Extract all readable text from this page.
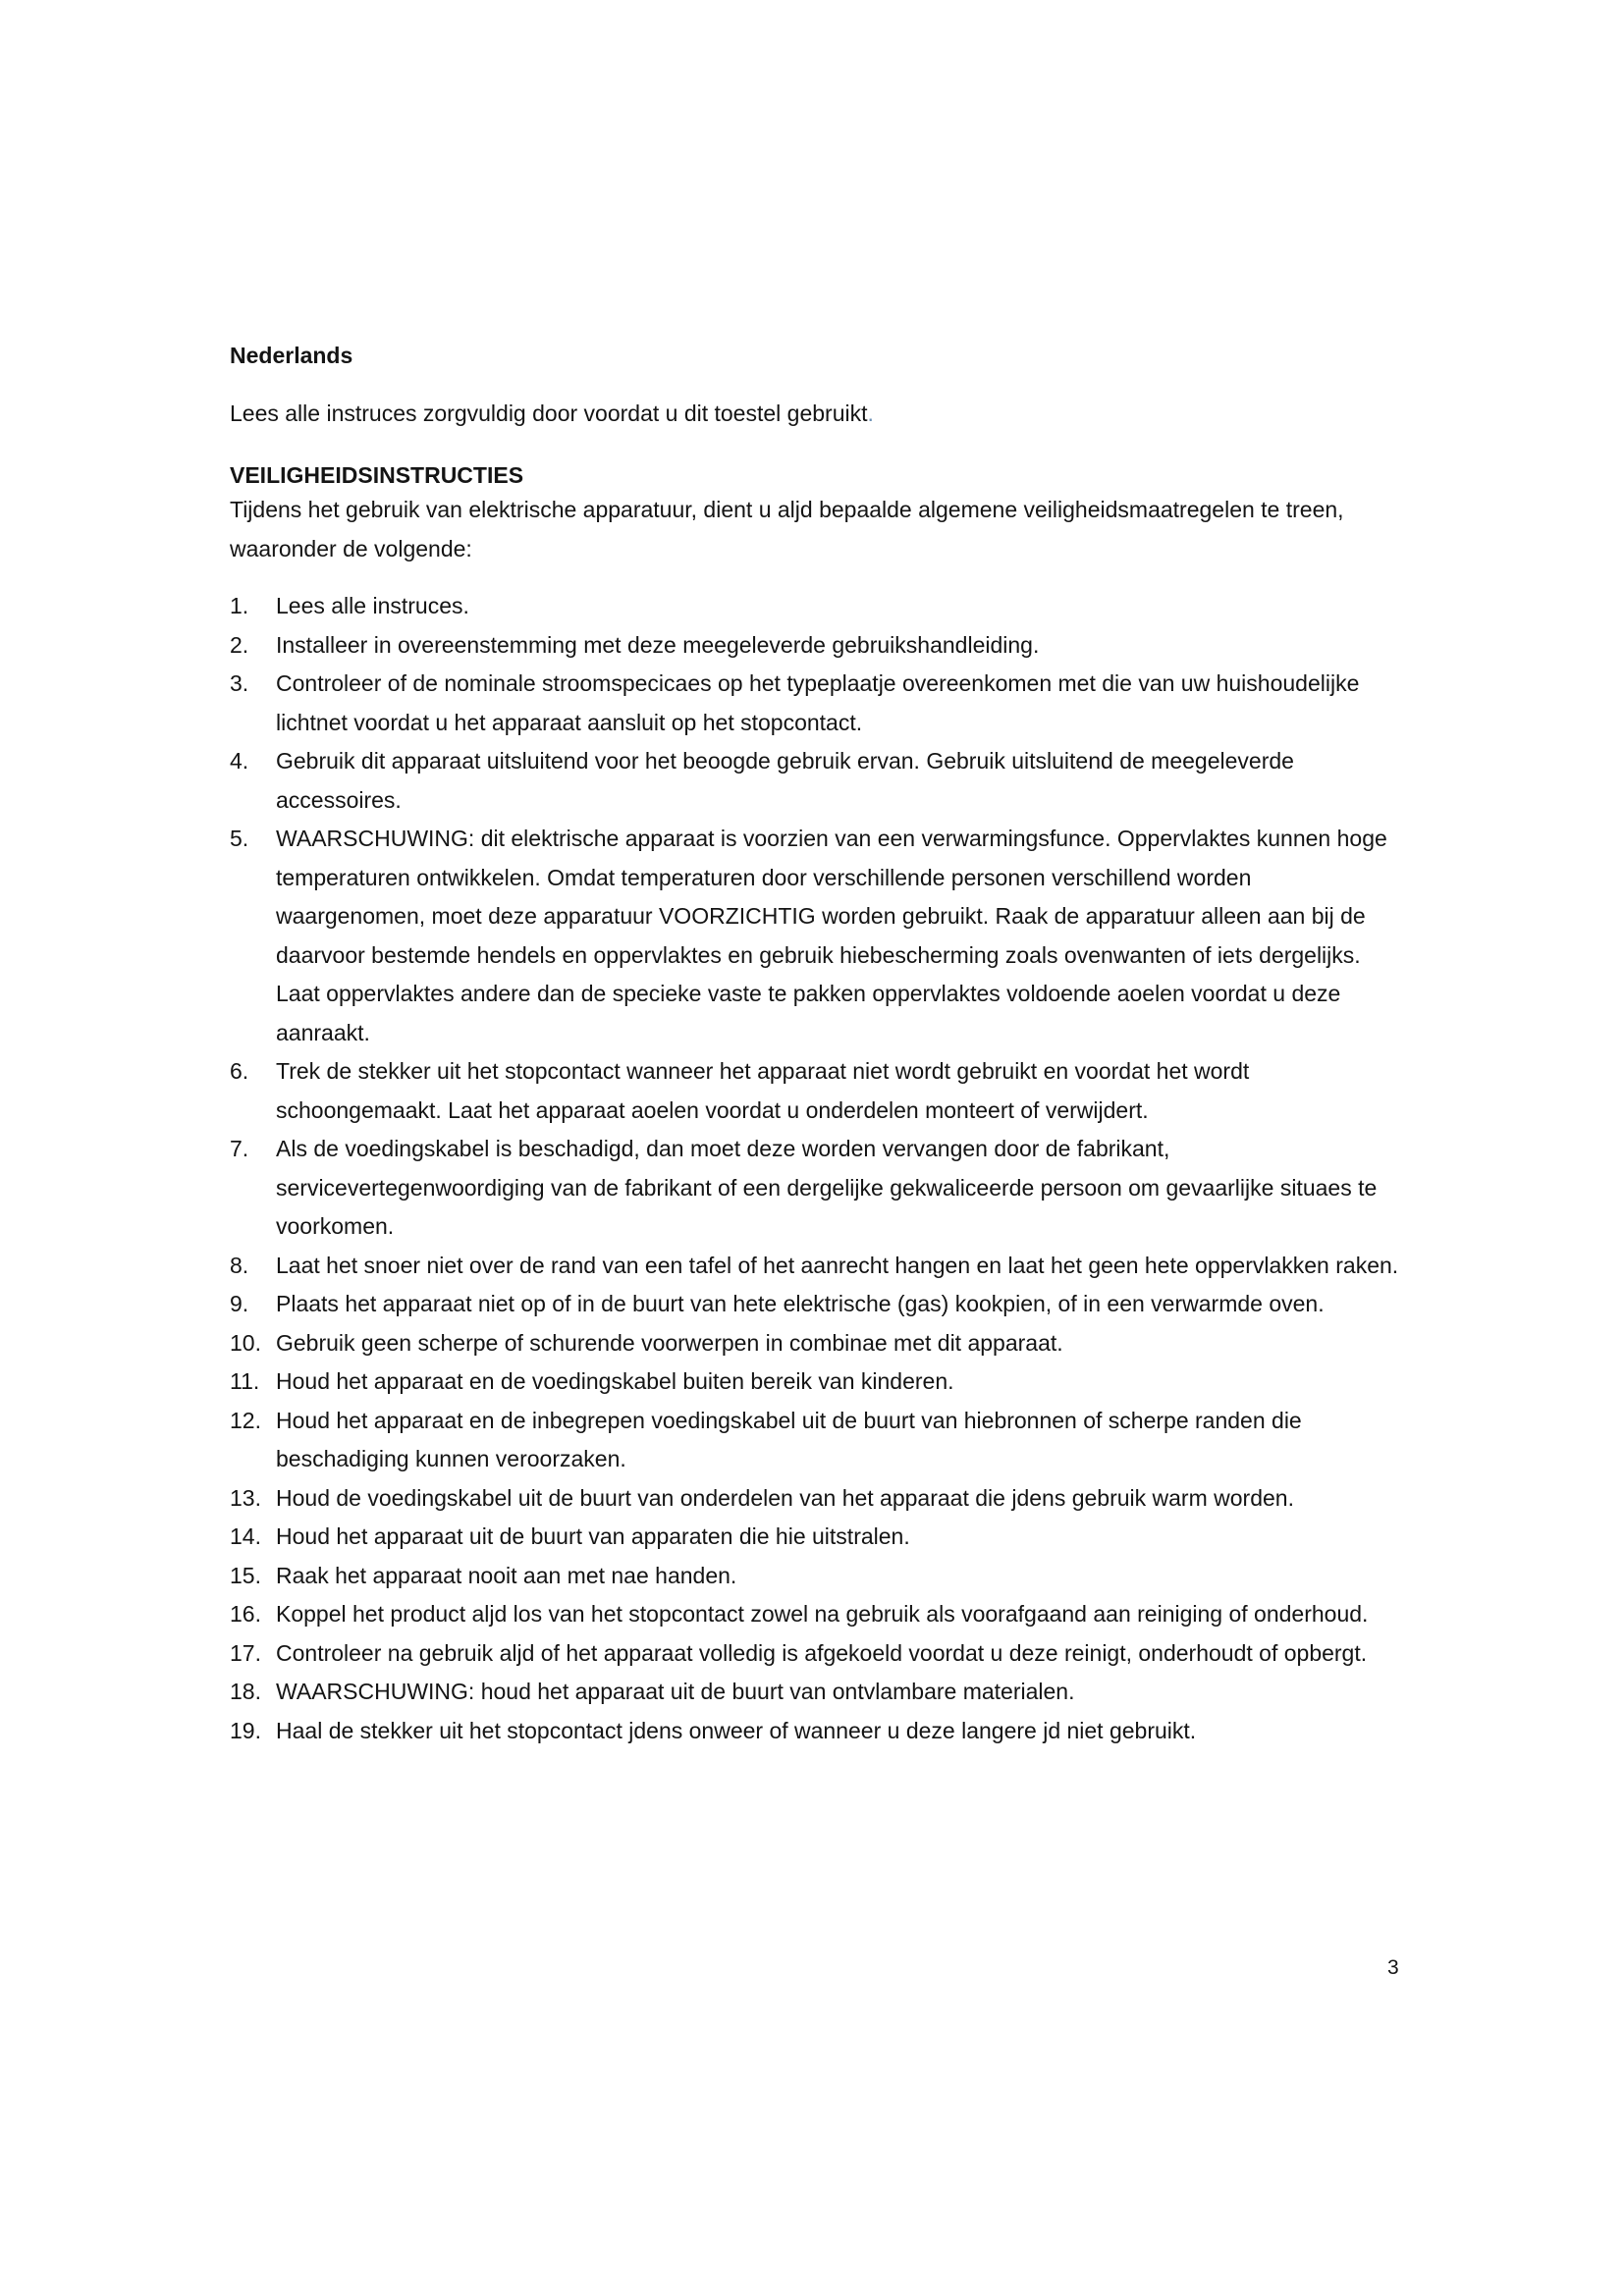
Nederlands

Lees alle instruces zorgvuldig door voordat u dit toestel gebruikt.

VEILIGHEIDSINSTRUCTIES

Tijdens het gebruik van elektrische apparatuur, dient u aljd bepaalde algemene veiligheidsmaatregelen te treen, waaronder de volgende:

1. Lees alle instruces.
2. Installeer in overeenstemming met deze meegeleverde gebruikshandleiding.
3. Controleer of de nominale stroomspecicaes op het typeplaatje overeenkomen met die van uw huishoudelijke lichtnet voordat u het apparaat aansluit op het stopcontact.
4. Gebruik dit apparaat uitsluitend voor het beoogde gebruik ervan. Gebruik uitsluitend de meegeleverde accessoires.
5. WAARSCHUWING: dit elektrische apparaat is voorzien van een verwarmingsfunce. Oppervlaktes kunnen hoge temperaturen ontwikkelen. Omdat temperaturen door verschillende personen verschillend worden waargenomen, moet deze apparatuur VOORZICHTIG worden gebruikt. Raak de apparatuur alleen aan bij de daarvoor bestemde hendels en oppervlaktes en gebruik hiebescherming zoals ovenwanten of iets dergelijks. Laat oppervlaktes andere dan de specieke vaste te pakken oppervlaktes voldoende aoelen voordat u deze aanraakt.
6. Trek de stekker uit het stopcontact wanneer het apparaat niet wordt gebruikt en voordat het wordt schoongemaakt. Laat het apparaat aoelen voordat u onderdelen monteert of verwijdert.
7. Als de voedingskabel is beschadigd, dan moet deze worden vervangen door de fabrikant, servicevertegenwoordiging van de fabrikant of een dergelijke gekwaliceerde persoon om gevaarlijke situaes te voorkomen.
8. Laat het snoer niet over de rand van een tafel of het aanrecht hangen en laat het geen hete oppervlakken raken.
9. Plaats het apparaat niet op of in de buurt van hete elektrische (gas) kookpien, of in een verwarmde oven.
10. Gebruik geen scherpe of schurende voorwerpen in combinae met dit apparaat.
11. Houd het apparaat en de voedingskabel buiten bereik van kinderen.
12. Houd het apparaat en de inbegrepen voedingskabel uit de buurt van hiebronnen of scherpe randen die beschadiging kunnen veroorzaken.
13. Houd de voedingskabel uit de buurt van onderdelen van het apparaat die jdens gebruik warm worden.
14. Houd het apparaat uit de buurt van apparaten die hie uitstralen.
15. Raak het apparaat nooit aan met nae handen.
16. Koppel het product aljd los van het stopcontact zowel na gebruik als voorafgaand aan reiniging of onderhoud.
17. Controleer na gebruik aljd of het apparaat volledig is afgekoeld voordat u deze reinigt, onderhoudt of opbergt.
18. WAARSCHUWING: houd het apparaat uit de buurt van ontvlambare materialen.
19. Haal de stekker uit het stopcontact jdens onweer of wanneer u deze langere jd niet gebruikt.
3
